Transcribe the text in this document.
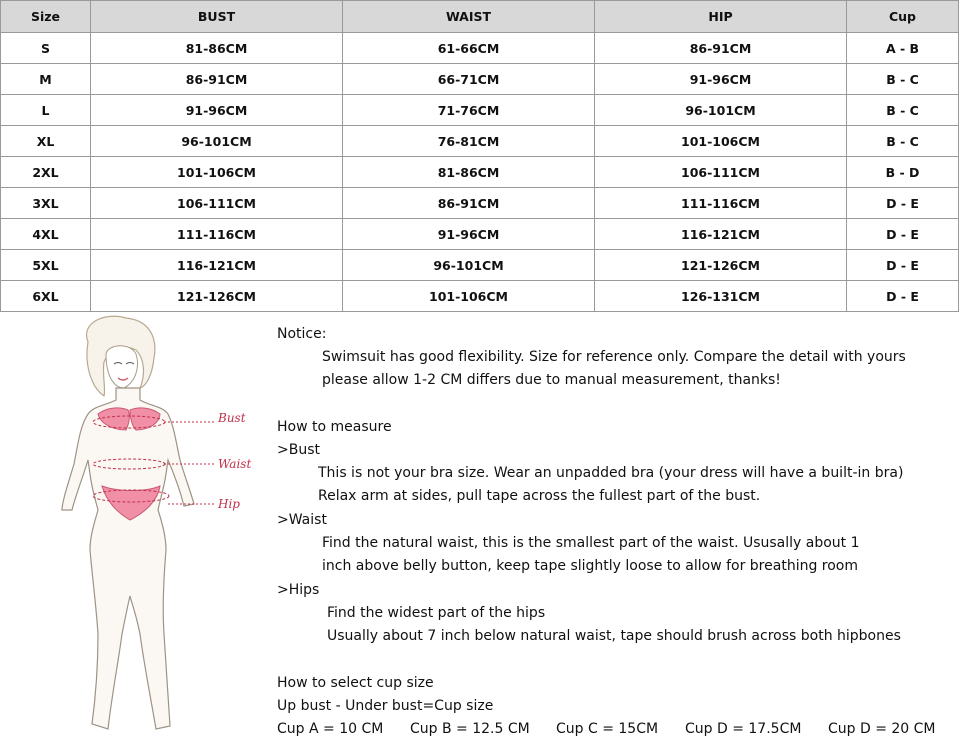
Size	BUST	WAIST	HIP	Cup
S	81-86CM	61-66CM	86-91CM	A - B
M	86-91CM	66-71CM	91-96CM	B - C
L	91-96CM	71-76CM	96-101CM	B - C
XL	96-101CM	76-81CM	101-106CM	B - C
2XL	101-106CM	81-86CM	106-111CM	B - D
3XL	106-111CM	86-91CM	111-116CM	D - E
4XL	111-116CM	91-96CM	116-121CM	D - E
5XL	116-121CM	96-101CM	121-126CM	D - E
6XL	121-126CM	101-106CM	126-131CM	D - E
Bust
Waist
Hip
Notice:
Swimsuit has good flexibility. Size for reference only. Compare the detail with yours
please allow 1-2 CM differs due to manual measurement, thanks!
How to measure
>Bust
This is not your bra size. Wear an unpadded bra (your dress will have a built-in bra)
Relax arm at sides, pull tape across the fullest part of the bust.
>Waist
Find the natural waist, this is the smallest part of the waist. Ususally about 1
inch above belly button, keep tape slightly loose to allow for breathing room
>Hips
Find the widest part of the hips
Usually about 7 inch below natural waist, tape should brush across both hipbones
How to select cup size
Up bust - Under bust=Cup size
Cup A = 10 CM Cup B = 12.5 CM Cup C = 15CM Cup D = 17.5CM Cup D = 20 CM
